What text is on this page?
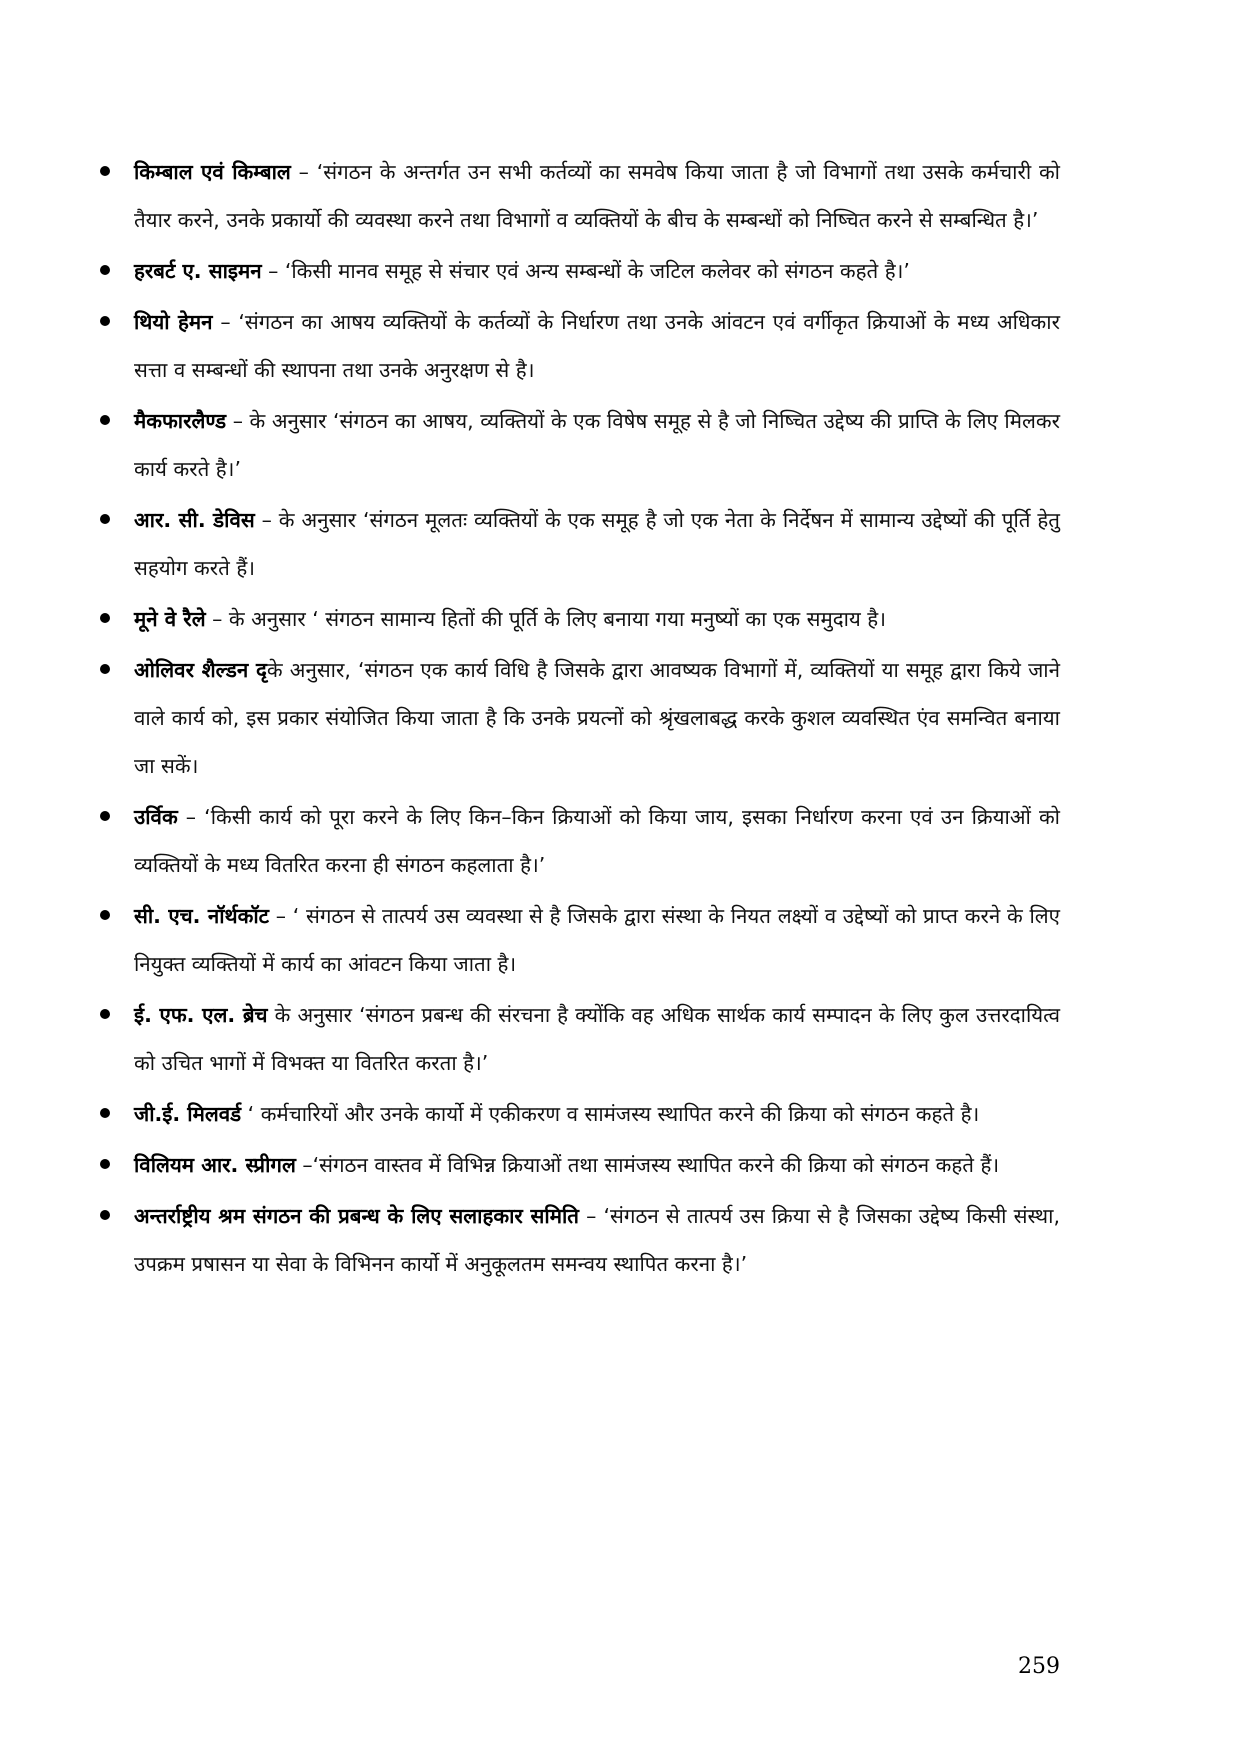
किम्बाल एवं किम्बाल – ‘संगठन के अन्तर्गत उन सभी कर्तव्यों का समवेष किया जाता है जो विभागों तथा उसके कर्मचारी को तैयार करने, उनके प्रकार्यो की व्यवस्था करने तथा विभागों व व्यक्तियों के बीच के सम्बन्धों को निष्चित करने से सम्बन्धित है।’
हरबर्ट ए. साइमन – ‘किसी मानव समूह से संचार एवं अन्य सम्बन्धों के जटिल कलेवर को संगठन कहते है।’
थियो हेमन – ‘संगठन का आषय व्यक्तियों के कर्तव्यों के निर्धारण तथा उनके आंवटन एवं वर्गीकृत क्रियाओं के मध्य अधिकार सत्ता व सम्बन्धों की स्थापना तथा उनके अनुरक्षण से है।
मैकफारलैण्ड – के अनुसार ‘संगठन का आषय, व्यक्तियों के एक विषेष समूह से है जो निष्चित उद्देष्य की प्राप्ति के लिए मिलकर कार्य करते है।’
आर. सी. डेविस – के अनुसार ‘संगठन मूलतः व्यक्तियों के एक समूह है जो एक नेता के निर्देषन में सामान्य उद्देष्यों की पूर्ति हेतु सहयोग करते हैं।
मूने वे रैले – के अनुसार ‘ संगठन सामान्य हितों की पूर्ति के लिए बनाया गया मनुष्यों का एक समुदाय है।
ओलिवर शैल्डन दृके अनुसार, ‘संगठन एक कार्य विधि है जिसके द्वारा आवष्यक विभागों में, व्यक्तियों या समूह द्वारा किये जाने वाले कार्य को, इस प्रकार संयोजित किया जाता है कि उनके प्रयत्नों को श्रृंखलाबद्ध करके कुशल व्यवस्थित एंव समन्वित बनाया जा सकें।
उर्विक – ‘किसी कार्य को पूरा करने के लिए किन–किन क्रियाओं को किया जाय, इसका निर्धारण करना एवं उन क्रियाओं को व्यक्तियों के मध्य वितरित करना ही संगठन कहलाता है।’
सी. एच. नॉर्थकॉट – ‘ संगठन से तात्पर्य उस व्यवस्था से है जिसके द्वारा संस्था के नियत लक्ष्यों व उद्देष्यों को प्राप्त करने के लिए नियुक्त व्यक्तियों में कार्य का आंवटन किया जाता है।
ई. एफ. एल. ब्रेच के अनुसार ‘संगठन प्रबन्ध की संरचना है क्योंकि वह अधिक सार्थक कार्य सम्पादन के लिए कुल उत्तरदायित्व को उचित भागों में विभक्त या वितरित करता है।’
जी.ई. मिलवर्ड ‘ कर्मचारियों और उनके कार्यो में एकीकरण व सामंजस्य स्थापित करने की क्रिया को संगठन कहते है।
विलियम आर. स्प्रीगल –‘संगठन वास्तव में विभिन्न क्रियाओं तथा सामंजस्य स्थापित करने की क्रिया को संगठन कहते हैं।
अन्तर्राष्ट्रीय श्रम संगठन की प्रबन्ध के लिए सलाहकार समिति – ‘संगठन से तात्पर्य उस क्रिया से है जिसका उद्देष्य किसी संस्था, उपक्रम प्रषासन या सेवा के विभिनन कार्यो में अनुकूलतम समन्वय स्थापित करना है।’
259
